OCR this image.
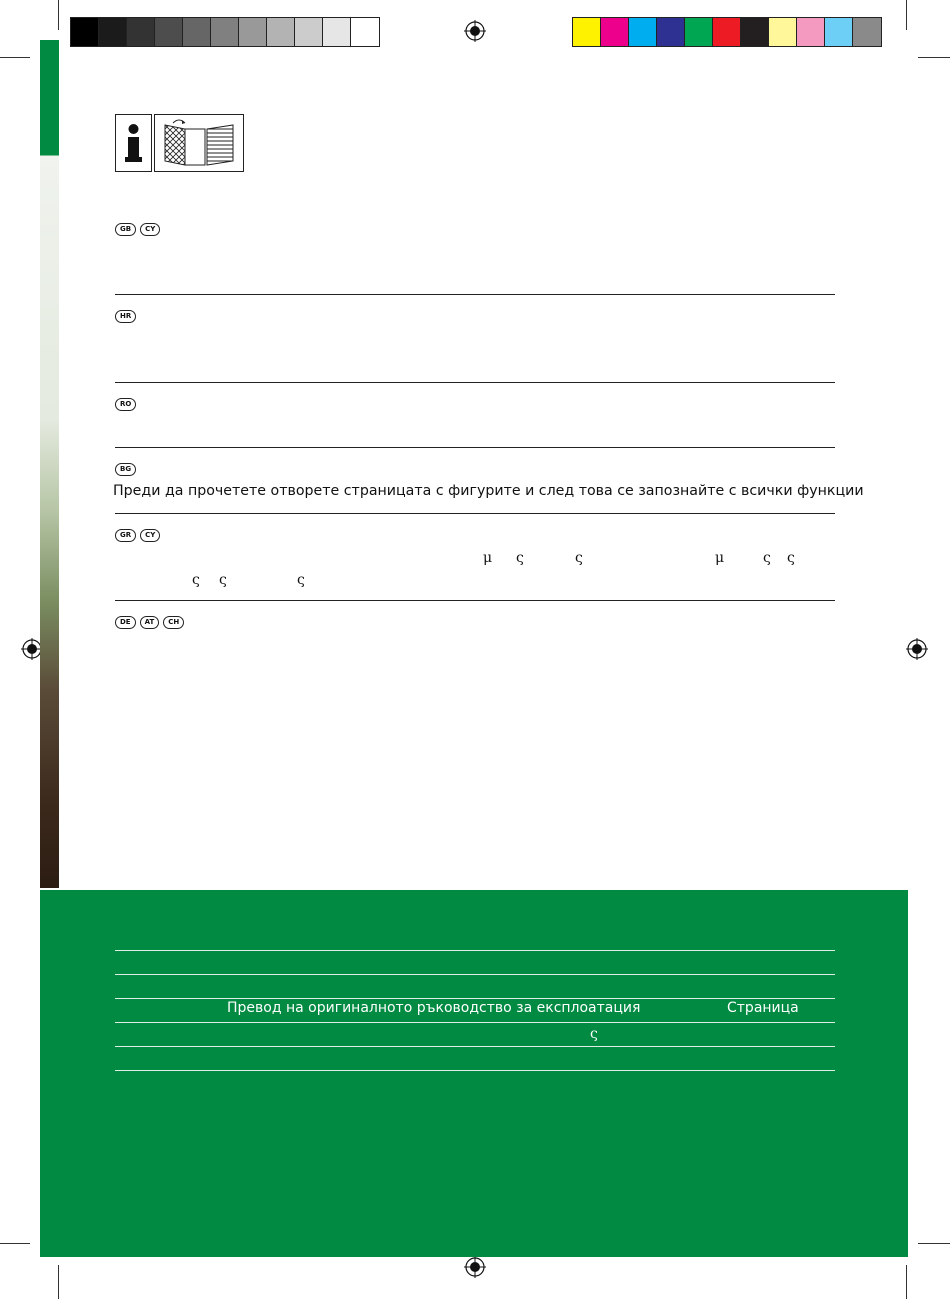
GB	CY
HR
RO
BG
Преди да прочетете отворете страницата с фигурите и след това се запознайте с всички функции
GR	CY
μ ς	ς	μ	ς ς
ς ς	ς
DE	AT	CH
Превод на оригиналното ръководство за експлоатация	Страница
ς
